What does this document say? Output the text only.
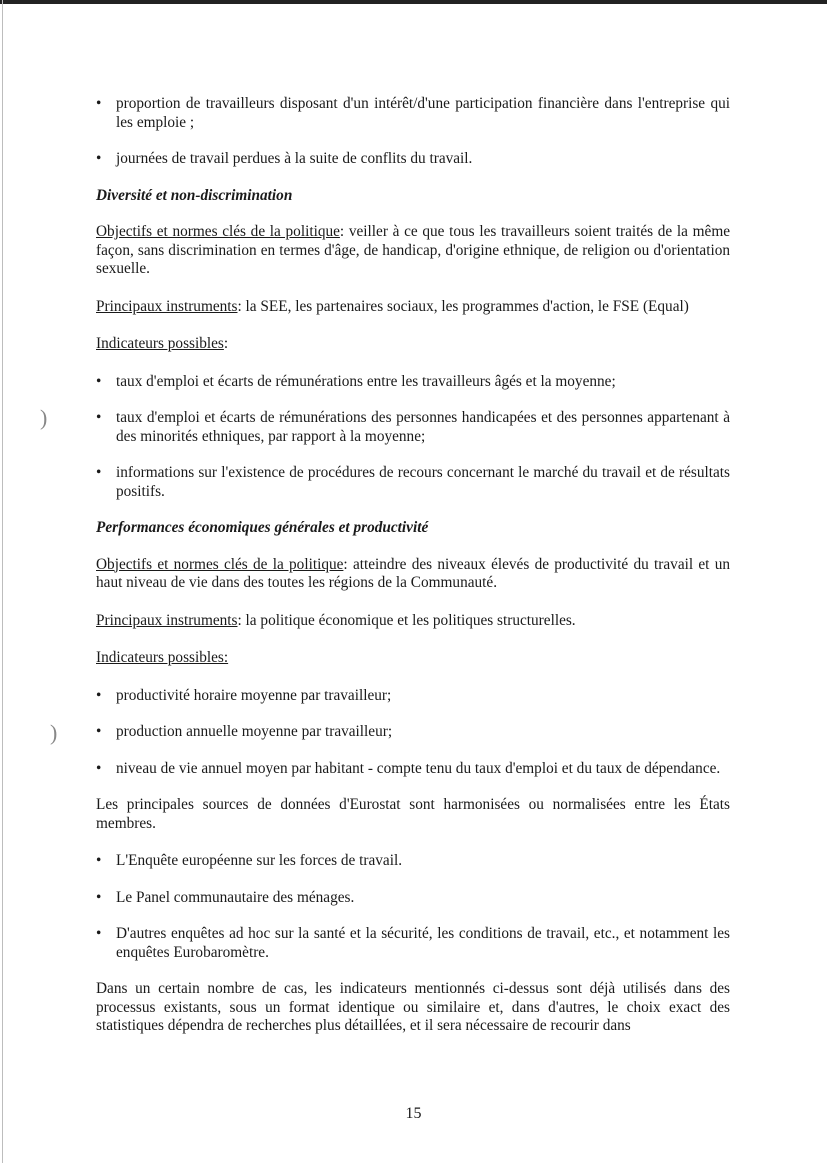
)
)
• proportion de travailleurs disposant d'un intérêt/d'une participation financière dans l'entreprise qui les emploie ;
• journées de travail perdues à la suite de conflits du travail.
Diversité et non-discrimination

Objectifs et normes clés de la politique: veiller à ce que tous les travailleurs soient traités de la même façon, sans discrimination en termes d'âge, de handicap, d'origine ethnique, de religion ou d'orientation sexuelle.

Principaux instruments: la SEE, les partenaires sociaux, les programmes d'action, le FSE (Equal)

Indicateurs possibles:

• taux d'emploi et écarts de rémunérations entre les travailleurs âgés et la moyenne;
• taux d'emploi et écarts de rémunérations des personnes handicapées et des personnes appartenant à des minorités ethniques, par rapport à la moyenne;
• informations sur l'existence de procédures de recours concernant le marché du travail et de résultats positifs.
Performances économiques générales et productivité

Objectifs et normes clés de la politique: atteindre des niveaux élevés de productivité du travail et un haut niveau de vie dans des toutes les régions de la Communauté.

Principaux instruments: la politique économique et les politiques structurelles.

Indicateurs possibles:

• productivité horaire moyenne par travailleur;
• production annuelle moyenne par travailleur;
• niveau de vie annuel moyen par habitant - compte tenu du taux d'emploi et du taux de dépendance.

Les principales sources de données d'Eurostat sont harmonisées ou normalisées entre les États membres.

• L'Enquête européenne sur les forces de travail.
• Le Panel communautaire des ménages.
• D'autres enquêtes ad hoc sur la santé et la sécurité, les conditions de travail, etc., et notamment les enquêtes Eurobaromètre.

Dans un certain nombre de cas, les indicateurs mentionnés ci-dessus sont déjà utilisés dans des processus existants, sous un format identique ou similaire et, dans d'autres, le choix exact des statistiques dépendra de recherches plus détaillées, et il sera nécessaire de recourir dans

15
